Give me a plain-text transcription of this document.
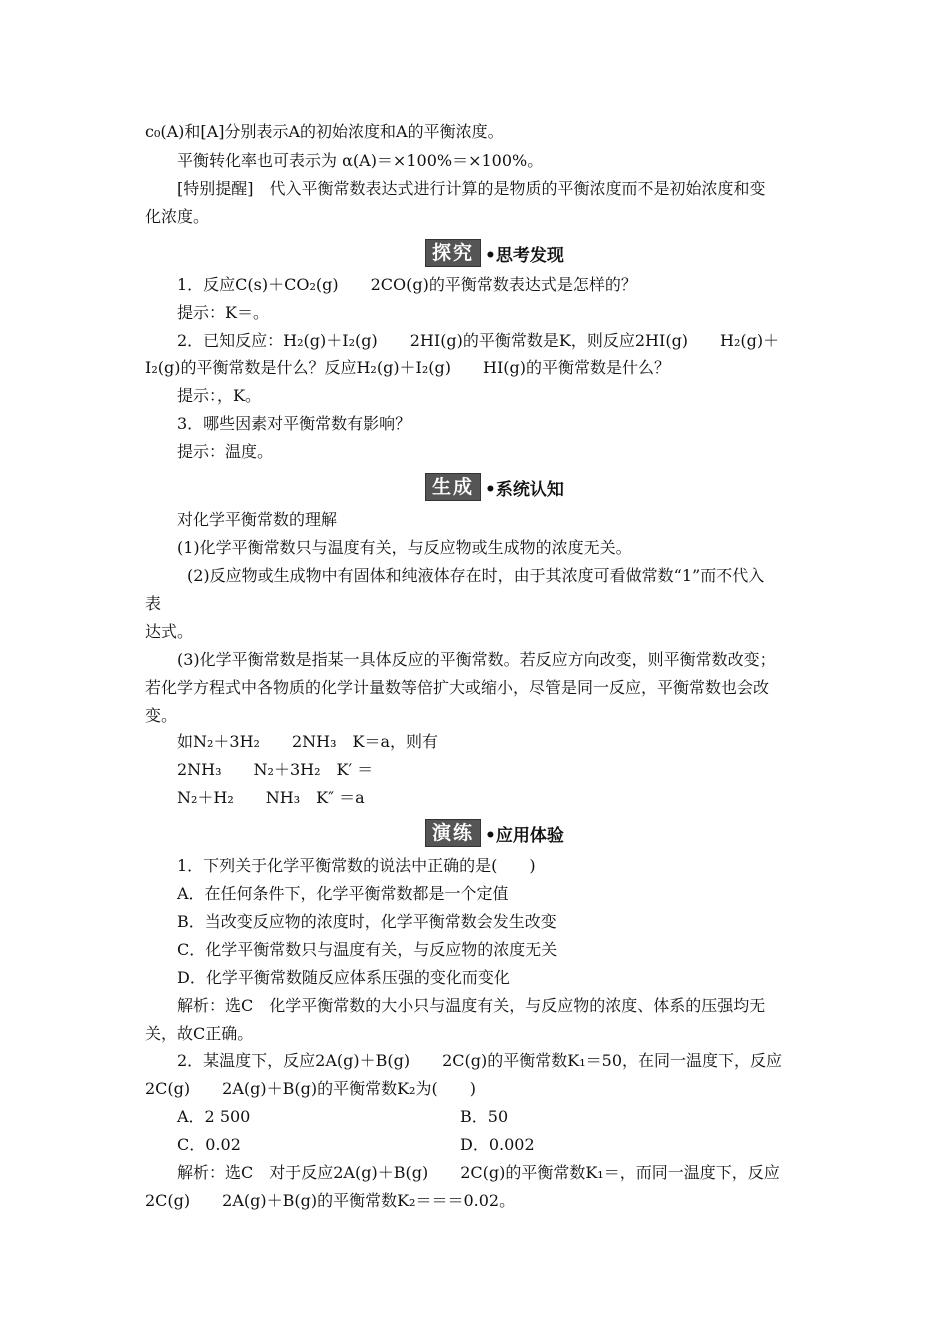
c₀(A)和[A]分别表示A的初始浓度和A的平衡浓度。
平衡转化率也可表示为 α(A)＝×100%＝×100%。
[特别提醒]　代入平衡常数表达式进行计算的是物质的平衡浓度而不是初始浓度和变
化浓度。
探究 •思考发现
1．反应C(s)＋CO₂(g)　　2CO(g)的平衡常数表达式是怎样的？
提示：K＝。
2．已知反应：H₂(g)＋I₂(g)　　2HI(g)的平衡常数是K，则反应2HI(g)　　H₂(g)＋
I₂(g)的平衡常数是什么？反应H₂(g)＋I₂(g)　　HI(g)的平衡常数是什么？
提示：，K。
3．哪些因素对平衡常数有影响？
提示：温度。
生成 •系统认知
对化学平衡常数的理解
(1)化学平衡常数只与温度有关，与反应物或生成物的浓度无关。
(2)反应物或生成物中有固体和纯液体存在时，由于其浓度可看做常数“1”而不代入
表
达式。
(3)化学平衡常数是指某一具体反应的平衡常数。若反应方向改变，则平衡常数改变；
若化学方程式中各物质的化学计量数等倍扩大或缩小，尽管是同一反应，平衡常数也会改
变。
如N₂＋3H₂　　2NH₃　K＝a，则有
2NH₃　　N₂＋3H₂　K′ ＝
N₂＋H₂　　NH₃　K″ ＝a
演练 •应用体验
1．下列关于化学平衡常数的说法中正确的是(　　)
A．在任何条件下，化学平衡常数都是一个定值
B．当改变反应物的浓度时，化学平衡常数会发生改变
C．化学平衡常数只与温度有关，与反应物的浓度无关
D．化学平衡常数随反应体系压强的变化而变化
解析：选C　化学平衡常数的大小只与温度有关，与反应物的浓度、体系的压强均无
关，故C正确。
2．某温度下，反应2A(g)＋B(g)　　2C(g)的平衡常数K₁＝50，在同一温度下，反应
2C(g)　　2A(g)＋B(g)的平衡常数K₂为(　　)
A．2 500	B．50
C．0.02	D．0.002
解析：选C　对于反应2A(g)＋B(g)　　2C(g)的平衡常数K₁＝，而同一温度下，反应
2C(g)　　2A(g)＋B(g)的平衡常数K₂＝＝＝0.02。
